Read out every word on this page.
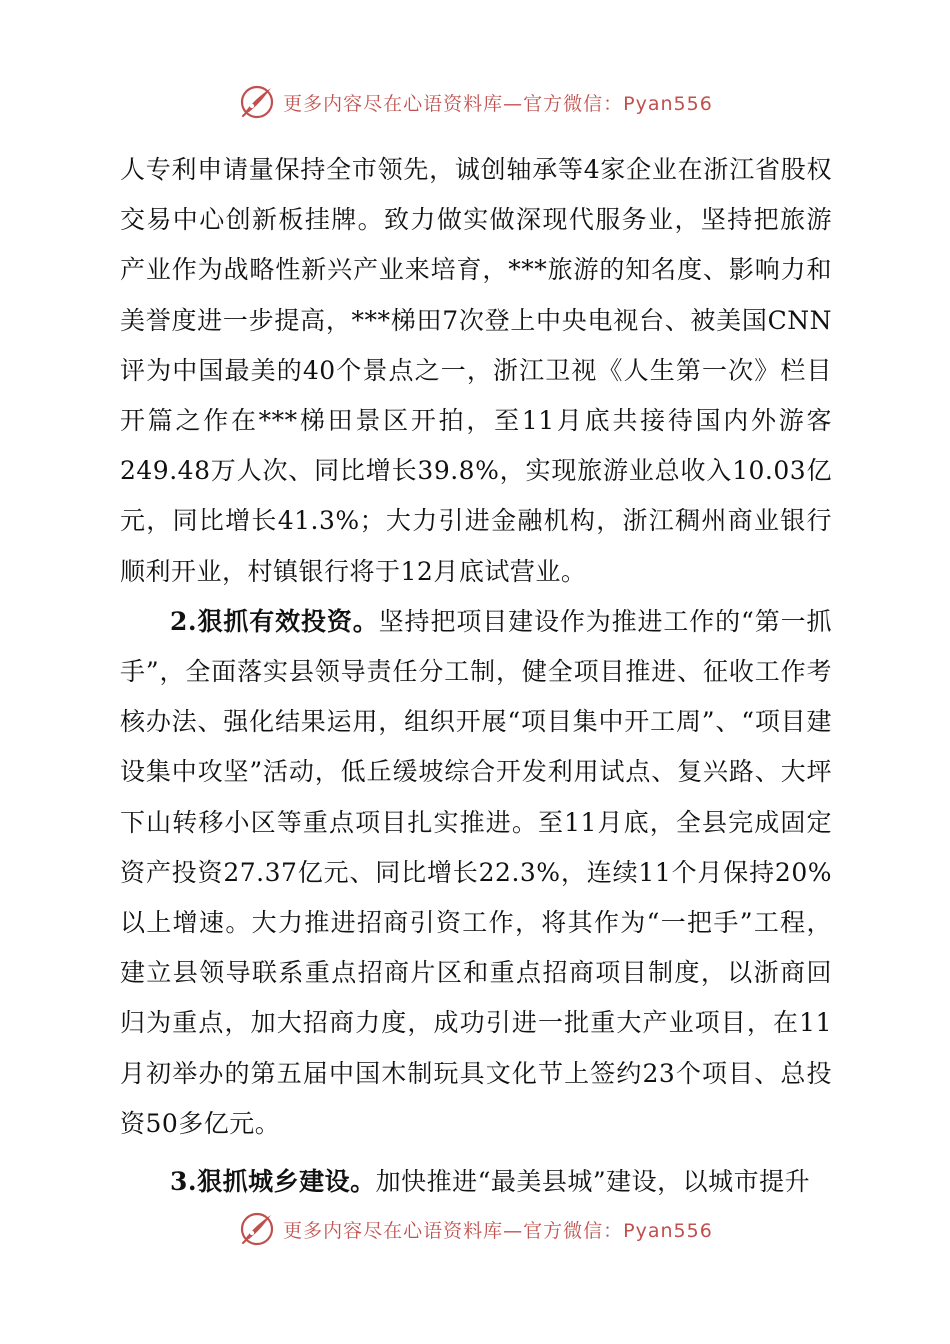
更多内容尽在心语资料库—官方微信：Pyan556

人专利申请量保持全市领先，诚创轴承等4家企业在浙江省股权交易中心创新板挂牌。致力做实做深现代服务业，坚持把旅游产业作为战略性新兴产业来培育，***旅游的知名度、影响力和美誉度进一步提高，***梯田7次登上中央电视台、被美国CNN评为中国最美的40个景点之一，浙江卫视《人生第一次》栏目开篇之作在***梯田景区开拍，至11月底共接待国内外游客249.48万人次、同比增长39.8%，实现旅游业总收入10.03亿元，同比增长41.3%；大力引进金融机构，浙江稠州商业银行顺利开业，村镇银行将于12月底试营业。

2.狠抓有效投资。坚持把项目建设作为推进工作的“第一抓手”，全面落实县领导责任分工制，健全项目推进、征收工作考核办法、强化结果运用，组织开展“项目集中开工周”、“项目建设集中攻坚”活动，低丘缓坡综合开发利用试点、复兴路、大坪下山转移小区等重点项目扎实推进。至11月底，全县完成固定资产投资27.37亿元、同比增长22.3%，连续11个月保持20%以上增速。大力推进招商引资工作，将其作为“一把手”工程，建立县领导联系重点招商片区和重点招商项目制度，以浙商回归为重点，加大招商力度，成功引进一批重大产业项目，在11月初举办的第五届中国木制玩具文化节上签约23个项目、总投资50多亿元。

3.狠抓城乡建设。加快推进“最美县城”建设，以城市提升

更多内容尽在心语资料库—官方微信：Pyan556
